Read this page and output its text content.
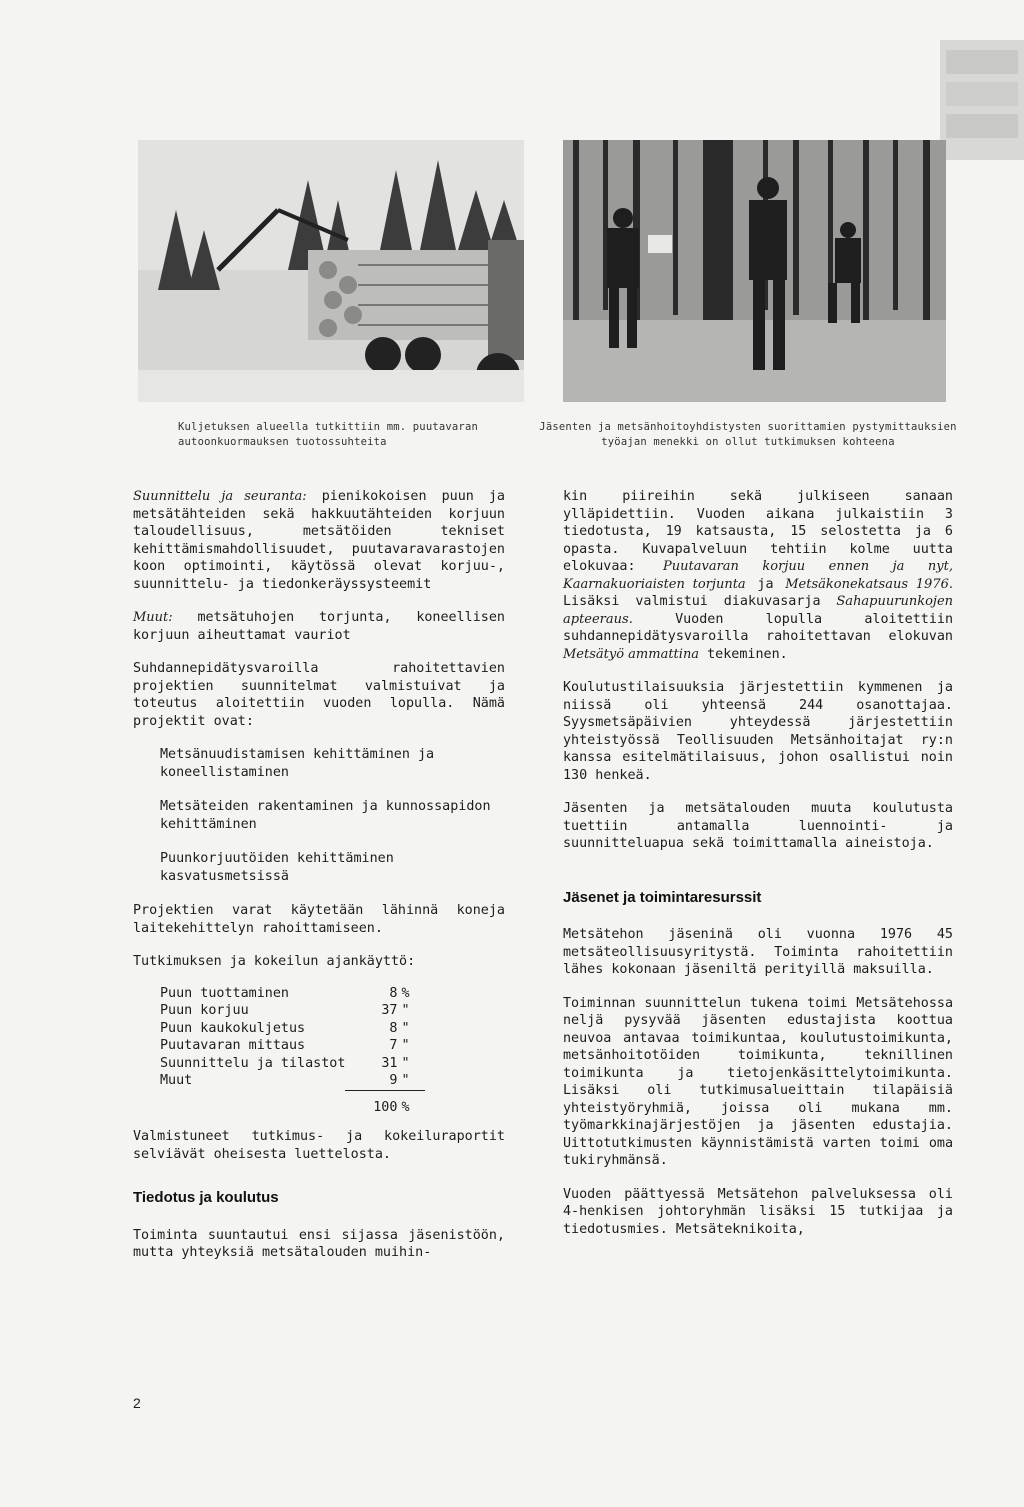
Kuljetuksen alueella tutkittiin mm. puutavaran autoonkuormauksen tuotossuhteita
Jäsenten ja metsänhoitoyhdistysten suorittamien pystymittauksien työajan menekki on ollut tutkimuksen kohteena

Suunnittelu ja seuranta: pienikokoisen puun ja metsätähteiden sekä hakkuutähteiden korjuun taloudellisuus, metsätöiden tekniset kehittämismahdollisuudet, puutavaravarastojen koon optimointi, käytössä olevat korjuu-, suunnittelu- ja tiedonkeräyssysteemit

Muut: metsätuhojen torjunta, koneellisen korjuun aiheuttamat vauriot

Suhdannepidätysvaroilla rahoitettavien projektien suunnitelmat valmistuivat ja toteutus aloitettiin vuoden lopulla. Nämä projektit ovat:

Metsänuudistamisen kehittäminen ja koneellistaminen
Metsäteiden rakentaminen ja kunnossapidon kehittäminen
Puunkorjuutöiden kehittäminen kasvatusmetsissä

Projektien varat käytetään lähinnä koneja laitekehittelyn rahoittamiseen.

Tutkimuksen ja kokeilun ajankäyttö:

Puun tuottaminen	8	%
Puun korjuu	37	"
Puun kaukokuljetus	8	"
Puutavaran mittaus	7	"
Suunnittelu ja tilastot	31	"
Muut	9	"

	100	%

Valmistuneet tutkimus- ja kokeiluraportit selviävät oheisesta luettelosta.

Tiedotus ja koulutus

Toiminta suuntautui ensi sijassa jäsenistöön, mutta yhteyksiä metsätalouden muihin-

kin piireihin sekä julkiseen sanaan ylläpidettiin. Vuoden aikana julkaistiin 3 tiedotusta, 19 katsausta, 15 selostetta ja 6 opasta. Kuvapalveluun tehtiin kolme uutta elokuvaa: Puutavaran korjuu ennen ja nyt, Kaarnakuoriaisten torjunta ja Metsäkonekatsaus 1976. Lisäksi valmistui diakuvasarja Sahapuurunkojen apteeraus.	Vuoden lopulla aloitettiin suhdannepidätysvaroilla rahoitettavan elokuvan Metsätyö ammattina tekeminen.

Koulutustilaisuuksia järjestettiin kymmenen ja niissä oli yhteensä 244 osanottajaa. Syysmetsäpäivien yhteydessä järjestettiin yhteistyössä Teollisuuden Metsänhoitajat ry:n kanssa esitelmätilaisuus, johon osallistui noin 130 henkeä.

Jäsenten ja metsätalouden muuta koulutusta tuettiin antamalla luennointi- ja suunnitteluapua sekä toimittamalla aineistoja.

Jäsenet ja toimintaresurssit

Metsätehon jäseninä oli vuonna 1976 45 metsäteollisuusyritystä. Toiminta rahoitettiin lähes kokonaan jäseniltä perityillä maksuilla.

Toiminnan suunnittelun tukena toimi Metsätehossa neljä pysyvää jäsenten edustajista koottua neuvoa antavaa toimikuntaa, koulutustoimikunta, metsänhoitotöiden toimikunta, teknillinen toimikunta ja tietojenkäsittelytoimikunta. Lisäksi oli tutkimusalueittain tilapäisiä yhteistyöryhmiä, joissa oli mukana mm. työmarkkinajärjestöjen ja jäsenten edustajia. Uittotutkimusten käynnistämistä varten toimi oma tukiryhmänsä.

Vuoden päättyessä Metsätehon palveluksessa oli 4-henkisen johtoryhmän lisäksi 15 tutkijaa ja tiedotusmies. Metsäteknikoita,

2
